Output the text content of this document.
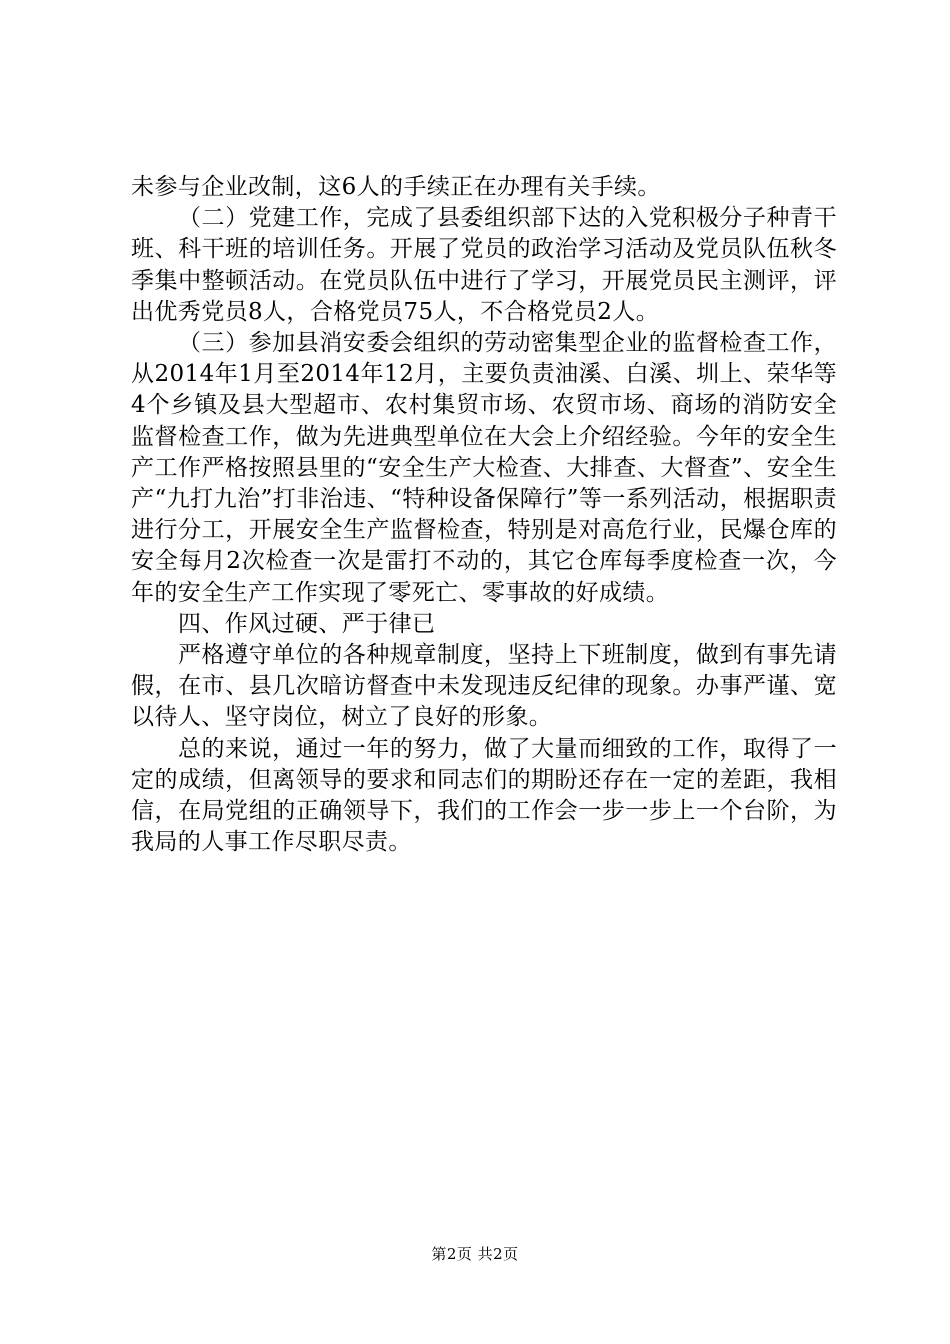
未参与企业改制，这6人的手续正在办理有关手续。

（二）党建工作，完成了县委组织部下达的入党积极分子种青干班、科干班的培训任务。开展了党员的政治学习活动及党员队伍秋冬季集中整顿活动。在党员队伍中进行了学习，开展党员民主测评，评出优秀党员8人，合格党员75人，不合格党员2人。

（三）参加县消安委会组织的劳动密集型企业的监督检查工作，从2014年1月至2014年12月，主要负责油溪、白溪、圳上、荣华等4个乡镇及县大型超市、农村集贸市场、农贸市场、商场的消防安全监督检查工作，做为先进典型单位在大会上介绍经验。今年的安全生产工作严格按照县里的“安全生产大检查、大排查、大督查”、安全生产“九打九治”打非治违、“特种设备保障行”等一系列活动，根据职责进行分工，开展安全生产监督检查，特别是对高危行业，民爆仓库的安全每月2次检查一次是雷打不动的，其它仓库每季度检查一次，今年的安全生产工作实现了零死亡、零事故的好成绩。

四、作风过硬、严于律已

严格遵守单位的各种规章制度，坚持上下班制度，做到有事先请假，在市、县几次暗访督查中未发现违反纪律的现象。办事严谨、宽以待人、坚守岗位，树立了良好的形象。

总的来说，通过一年的努力，做了大量而细致的工作，取得了一定的成绩，但离领导的要求和同志们的期盼还存在一定的差距，我相信，在局党组的正确领导下，我们的工作会一步一步上一个台阶，为我局的人事工作尽职尽责。

第2页 共2页
